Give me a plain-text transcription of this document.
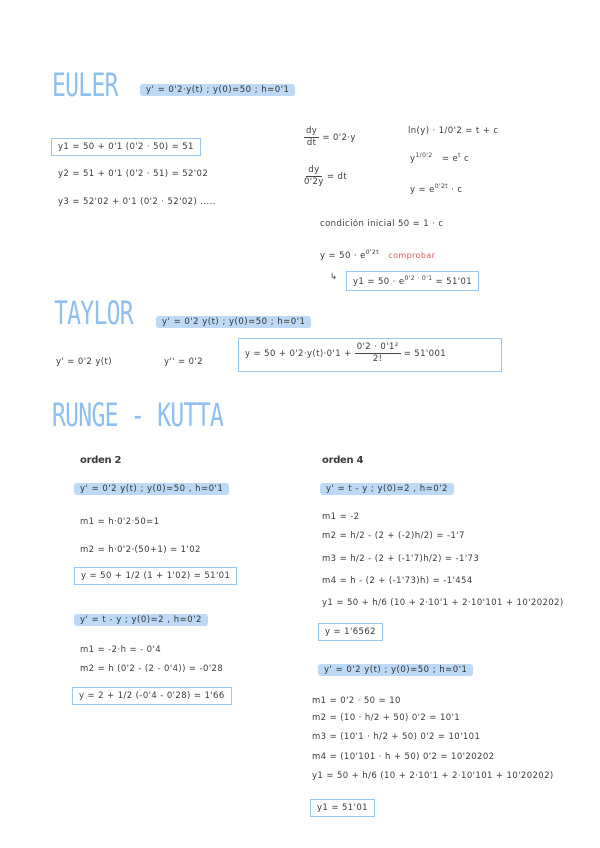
EULER	y' = 0'2·y(t) ; y(0)=50 ; h=0'1
y1 = 50 + 0'1 (0'2 · 50) = 51
y2 = 51 + 0'1 (0'2 · 51) = 52'02
y3 = 52'02 + 0'1 (0'2 · 52'02) .....
$\frac{dy}{dt} = 0'2\cdot y$
$\frac{dy}{0'2y}$ = dt
ln(y) · 1/0'2 = t + c
$y^{1/0'2} = e^t$ c
$y = e^{0'2t} \cdot c$
condición inicial 50 = 1 · c
$y = 50 \cdot e^{0'2t}$ comprobar
↳	$y1 = 50 \cdot e^{0'2 \cdot 0'1} = 51'01$
TAYLOR	y' = 0'2 y(t) ; y(0)=50 ; h=0'1
y' = 0'2 y(t)	y'' = 0'2
$y = 50 + 0'2\cdot y(t)\cdot 0'1 + \frac{\text{0'2 · 0'1²}}{2!} = 51'001$
RUNGE - KUTTA
orden 2
y' = 0'2 y(t) ; y(0)=50 , h=0'1
m1 = h·0'2·50=1
m2 = h·0'2·(50+1) = 1'02
y = 50 + 1/2 (1 + 1'02) = 51'01
y' = t - y ; y(0)=2 , h=0'2
m1 = -2·h = - 0'4
m2 = h (0'2 - (2 - 0'4)) = -0'28
y = 2 + 1/2 (-0'4 - 0'28) = 1'66
orden 4
y' = t - y ; y(0)=2 , h=0'2
m1 = -2
m2 = h/2 - (2 + (-2)h/2) = -1'7
m3 = h/2 - (2 + (-1'7)h/2) = -1'73
m4 = h - (2 + (-1'73)h) = -1'454
y1 = 50 + h/6 (10 + 2·10'1 + 2·10'101 + 10'20202)
y = 1'6562
y' = 0'2 y(t) ; y(0)=50 ; h=0'1
m1 = 0'2 · 50 = 10
m2 = (10 · h/2 + 50) 0'2 = 10'1
m3 = (10'1 · h/2 + 50) 0'2 = 10'101
m4 = (10'101 · h + 50) 0'2 = 10'20202
y1 = 50 + h/6 (10 + 2·10'1 + 2·10'101 + 10'20202)
y1 = 51'01
